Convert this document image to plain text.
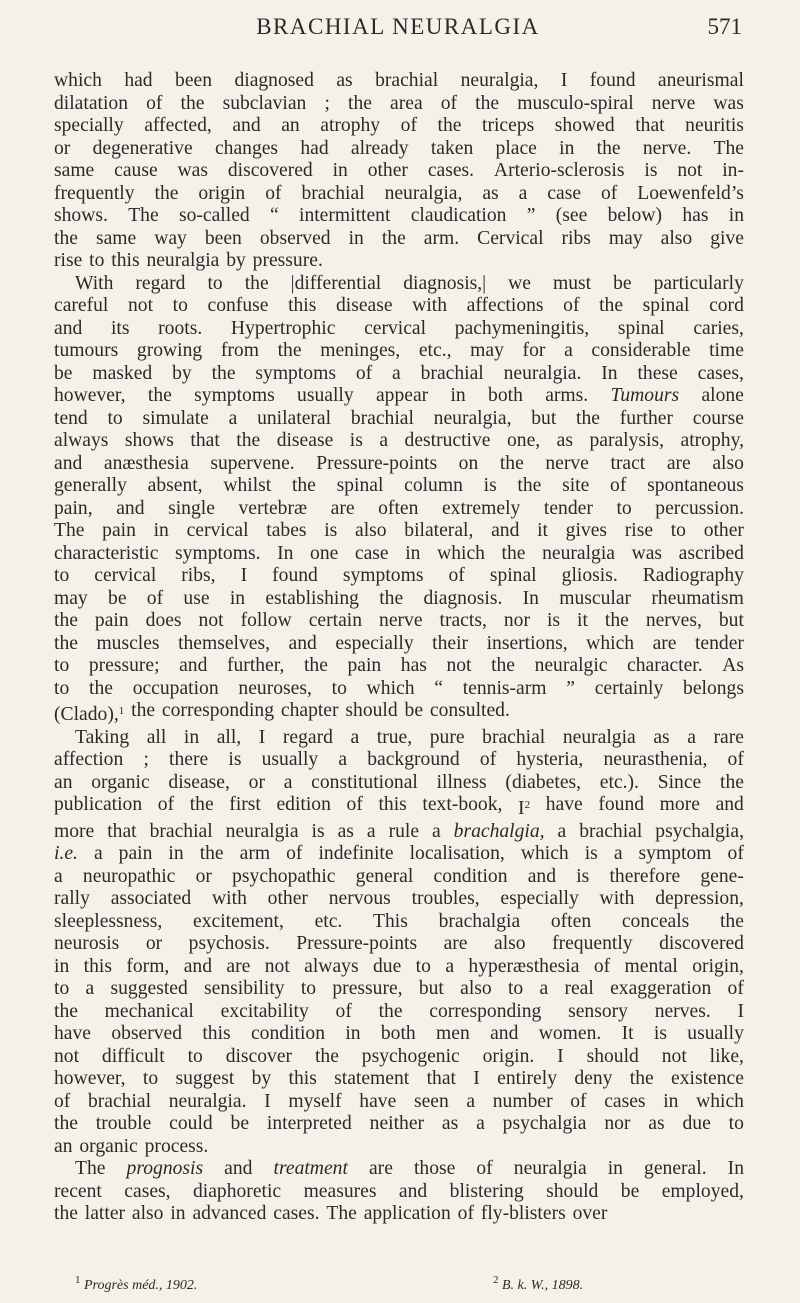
BRACHIAL NEURALGIA	571
which had been diagnosed as brachial neuralgia, I found aneurismal
dilatation of the subclavian ; the area of the musculo-spiral nerve was
specially affected, and an atrophy of the triceps showed that neuritis
or degenerative changes had already taken place in the nerve. The
same cause was discovered in other cases. Arterio-sclerosis is not in-
frequently the origin of brachial neuralgia, as a case of Loewenfeld’s
shows. The so-called “ intermittent claudication ” (see below) has in
the same way been observed in the arm. Cervical ribs may also give
rise to this neuralgia by pressure.
With regard to the |differential diagnosis,| we must be particularly
careful not to confuse this disease with affections of the spinal cord
and its roots. Hypertrophic cervical pachymeningitis, spinal caries,
tumours growing from the meninges, etc., may for a considerable time
be masked by the symptoms of a brachial neuralgia. In these cases,
however, the symptoms usually appear in both arms. Tumours alone
tend to simulate a unilateral brachial neuralgia, but the further course
always shows that the disease is a destructive one, as paralysis, atrophy,
and anæsthesia supervene. Pressure-points on the nerve tract are also
generally absent, whilst the spinal column is the site of spontaneous
pain, and single vertebræ are often extremely tender to percussion.
The pain in cervical tabes is also bilateral, and it gives rise to other
characteristic symptoms. In one case in which the neuralgia was ascribed
to cervical ribs, I found symptoms of spinal gliosis. Radiography
may be of use in establishing the diagnosis. In muscular rheumatism
the pain does not follow certain nerve tracts, nor is it the nerves, but
the muscles themselves, and especially their insertions, which are tender
to pressure; and further, the pain has not the neuralgic character. As
to the occupation neuroses, to which “ tennis-arm ” certainly belongs
(Clado),$^1$ the corresponding chapter should be consulted.
Taking all in all, I regard a true, pure brachial neuralgia as a rare
affection ; there is usually a background of hysteria, neurasthenia, of
an organic disease, or a constitutional illness (diabetes, etc.). Since the
publication of the first edition of this text-book, $I^2$ have found more and
more that brachial neuralgia is as a rule a brachalgia, a brachial psychalgia,
i.e. a pain in the arm of indefinite localisation, which is a symptom of
a neuropathic or psychopathic general condition and is therefore gene-
rally associated with other nervous troubles, especially with depression,
sleeplessness, excitement, etc. This brachalgia often conceals the
neurosis or psychosis. Pressure-points are also frequently discovered
in this form, and are not always due to a hyperæsthesia of mental origin,
to a suggested sensibility to pressure, but also to a real exaggeration of
the mechanical excitability of the corresponding sensory nerves. I
have observed this condition in both men and women. It is usually
not difficult to discover the psychogenic origin. I should not like,
however, to suggest by this statement that I entirely deny the existence
of brachial neuralgia. I myself have seen a number of cases in which
the trouble could be interpreted neither as a psychalgia nor as due to
an organic process.
The prognosis and treatment are those of neuralgia in general. In
recent cases, diaphoretic measures and blistering should be employed,
the latter also in advanced cases. The application of fly-blisters over
$^1$ Progrès méd., 1902.	$^2$ B. k. W., 1898.
